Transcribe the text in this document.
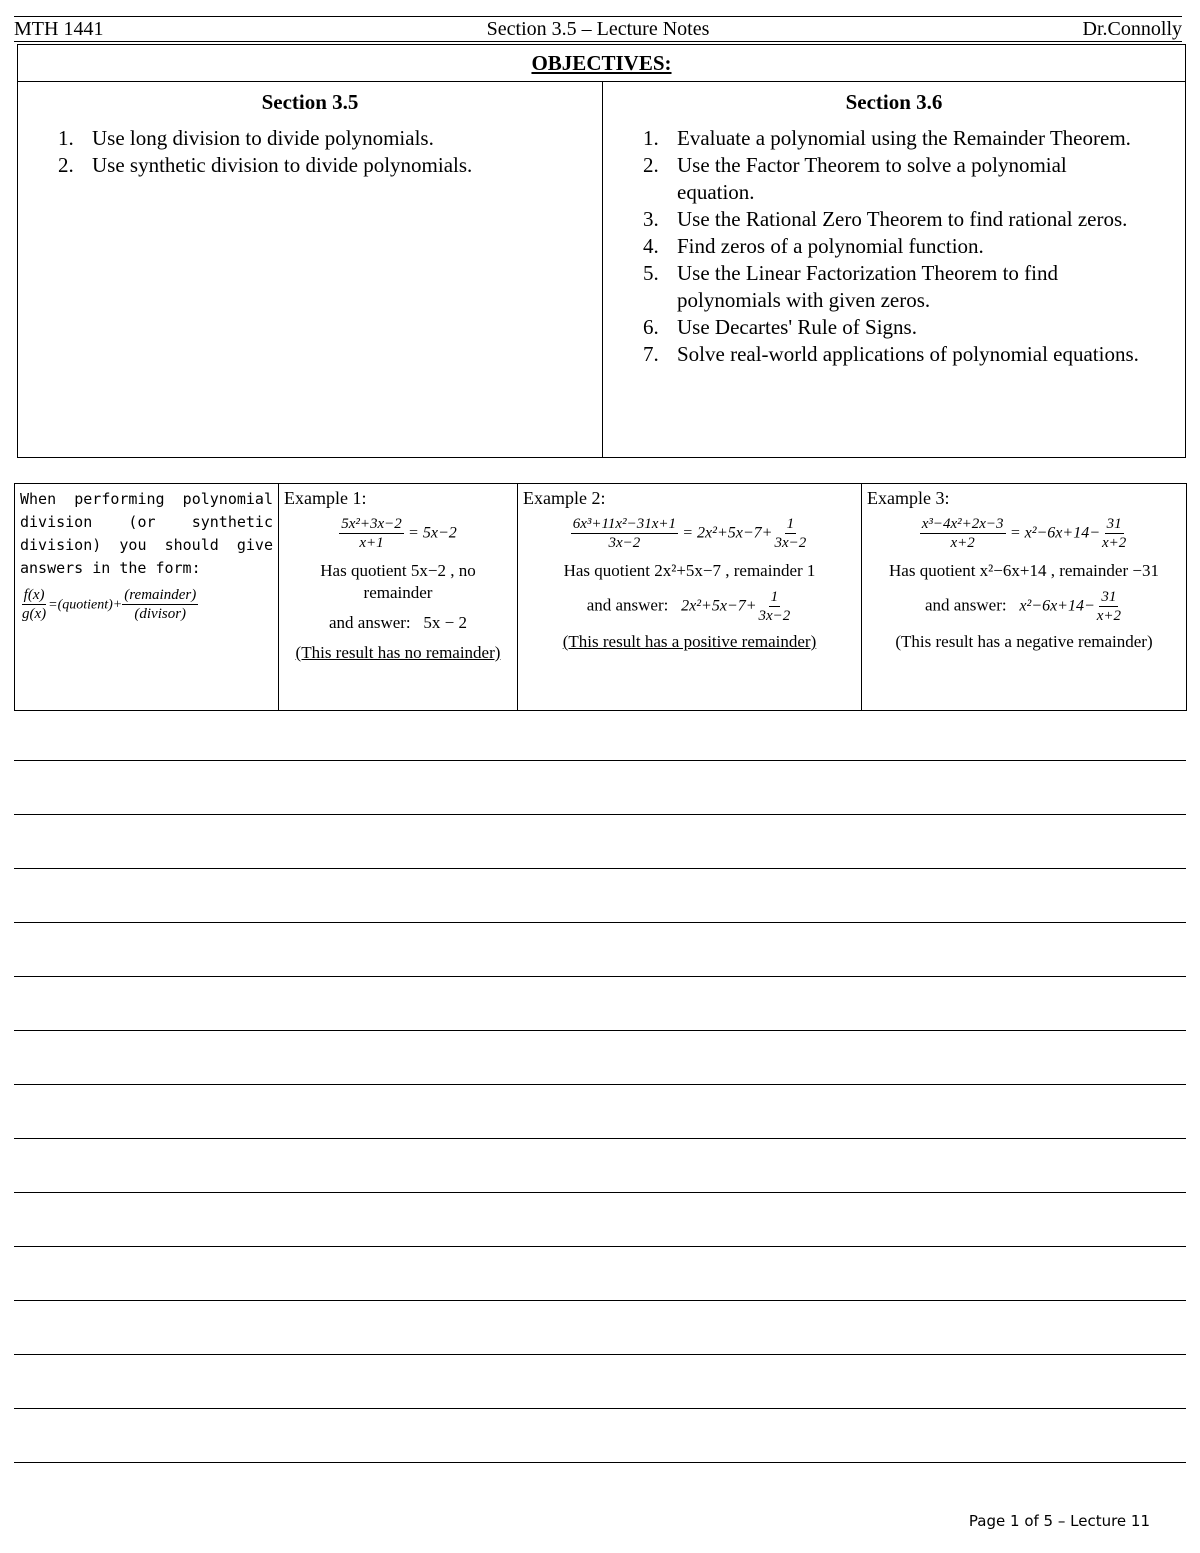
MTH 1441	Section 3.5 – Lecture Notes	Dr.Connolly
OBJECTIVES:

Section 3.5
1. Use long division to divide polynomials.
2. Use synthetic division to divide polynomials.

Section 3.6
1. Evaluate a polynomial using the Remainder Theorem.
2. Use the Factor Theorem to solve a polynomial equation.
3. Use the Rational Zero Theorem to find rational zeros.
4. Find zeros of a polynomial function.
5. Use the Linear Factorization Theorem to find polynomials with given zeros.
6. Use Decartes' Rule of Signs.
7. Solve real-world applications of polynomial equations.
When performing polynomial division (or synthetic division) you should give answers in the form:
$\frac{f(x)}{g(x)}$ =(quotient)+ $\frac{\text{(remainder)}}{\text{(divisor)}}$

Example 1:
$\frac{\text{5x²+3x−2}}{x+1} = 5x-2$
Has quotient 5x−2 , no remainder
and answer: 5x − 2
(This result has no remainder)

Example 2:
$\frac{\text{6x³+11x²−31x+1}}{3x-2} = 2x^2+5x-7+ \frac{1}{3x-2}$
Has quotient 2x²+5x−7 , remainder 1
and answer: $2x^2+5x-7+ \frac{1}{3x-2}$
(This result has a positive remainder)

Example 3:
$\frac{\text{x³−4x²+2x−3}}{x+2} = x^2-6x+14- \frac{31}{x+2}$
Has quotient x²−6x+14 , remainder −31
and answer: $x^2-6x+14- \frac{31}{x+2}$
(This result has a negative remainder)
Page 1 of 5 – Lecture 11
